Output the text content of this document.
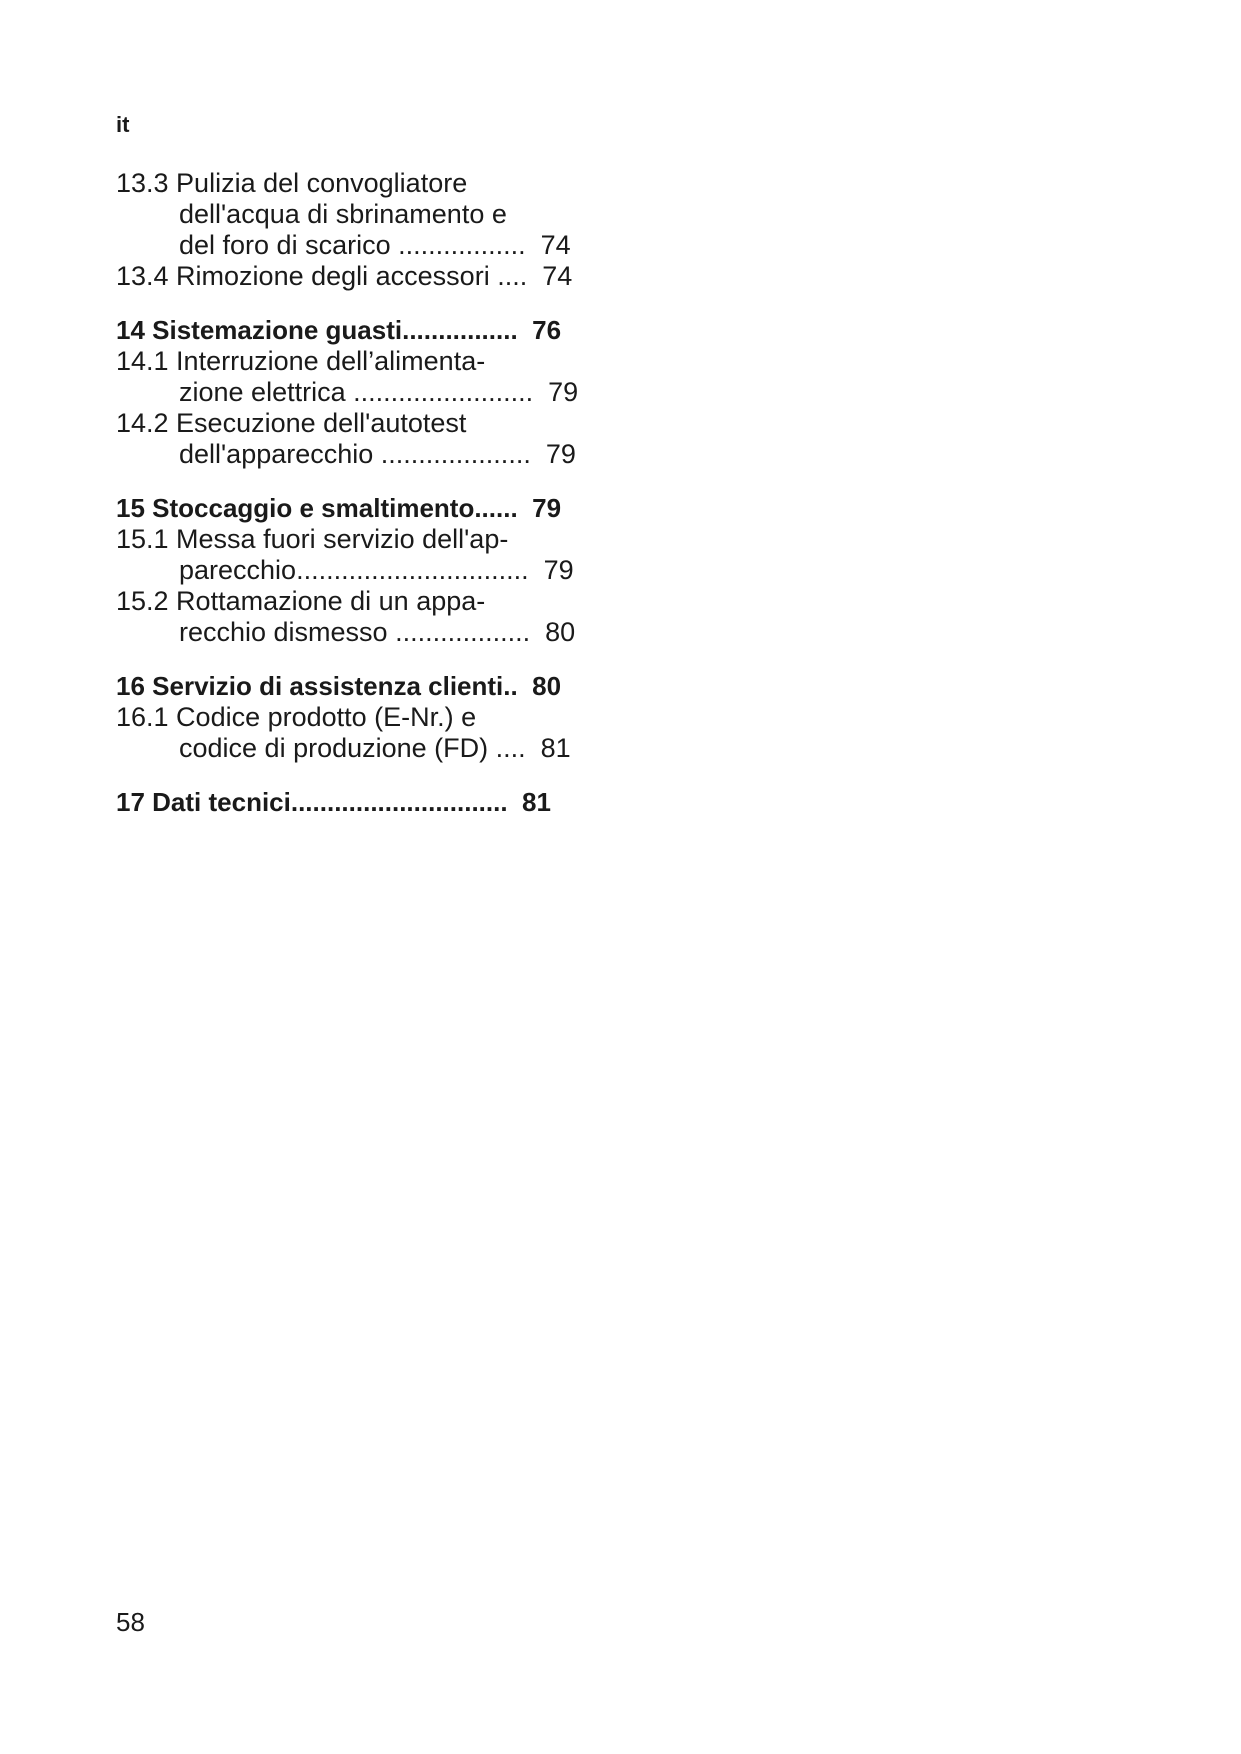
it
13.3 Pulizia del convogliatore
dell'acqua di sbrinamento e
del foro di scarico .................  74
13.4 Rimozione degli accessori ....  74
14 Sistemazione guasti................  76
14.1 Interruzione dell’alimenta-
zione elettrica ........................  79
14.2 Esecuzione dell'autotest
dell'apparecchio ....................  79
15 Stoccaggio e smaltimento......  79
15.1 Messa fuori servizio dell'ap-
parecchio...............................  79
15.2 Rottamazione di un appa-
recchio dismesso ..................  80
16 Servizio di assistenza clienti..  80
16.1 Codice prodotto (E-Nr.) e
codice di produzione (FD) ....  81
17 Dati tecnici..............................  81
58
